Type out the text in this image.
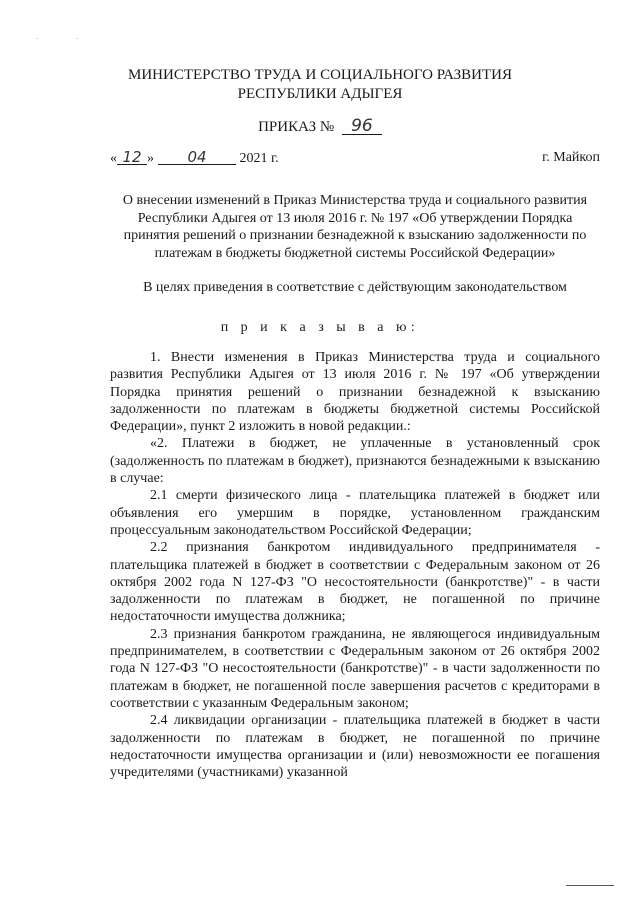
. .
МИНИСТЕРСТВО ТРУДА И СОЦИАЛЬНОГО РАЗВИТИЯ
РЕСПУБЛИКИ АДЫГЕЯ
ПРИКАЗ № 96
« 12 » 04 2021 г.	г. Майкоп
О внесении изменений в Приказ Министерства труда и социального развития Республики Адыгея от 13 июля 2016 г. № 197 «Об утверждении Порядка принятия решений о признании безнадежной к взысканию задолженности по платежам в бюджеты бюджетной системы Российской Федерации»
В целях приведения в соответствие с действующим законодательством
п р и к а з ы в а ю:

1. Внести изменения в Приказ Министерства труда и социального развития Республики Адыгея от 13 июля 2016 г. № 197 «Об утверждении Порядка принятия решений о признании безнадежной к взысканию задолженности по платежам в бюджеты бюджетной системы Российской Федерации», пункт 2 изложить в новой редакции.:

«2. Платежи в бюджет, не уплаченные в установленный срок (задолженность по платежам в бюджет), признаются безнадежными к взысканию в случае:

2.1 смерти физического лица - плательщика платежей в бюджет или объявления его умершим в порядке, установленном гражданским процессуальным законодательством Российской Федерации;

2.2 признания банкротом индивидуального предпринимателя - плательщика платежей в бюджет в соответствии с Федеральным законом от 26 октября 2002 года N 127-ФЗ "О несостоятельности (банкротстве)" - в части задолженности по платежам в бюджет, не погашенной по причине недостаточности имущества должника;

2.3 признания банкротом гражданина, не являющегося индивидуальным предпринимателем, в соответствии с Федеральным законом от 26 октября 2002 года N 127-ФЗ "О несостоятельности (банкротстве)" - в части задолженности по платежам в бюджет, не погашенной после завершения расчетов с кредиторами в соответствии с указанным Федеральным законом;

2.4 ликвидации организации - плательщика платежей в бюджет в части задолженности по платежам в бюджет, не погашенной по причине недостаточности имущества организации и (или) невозможности ее погашения учредителями (участниками) указанной
